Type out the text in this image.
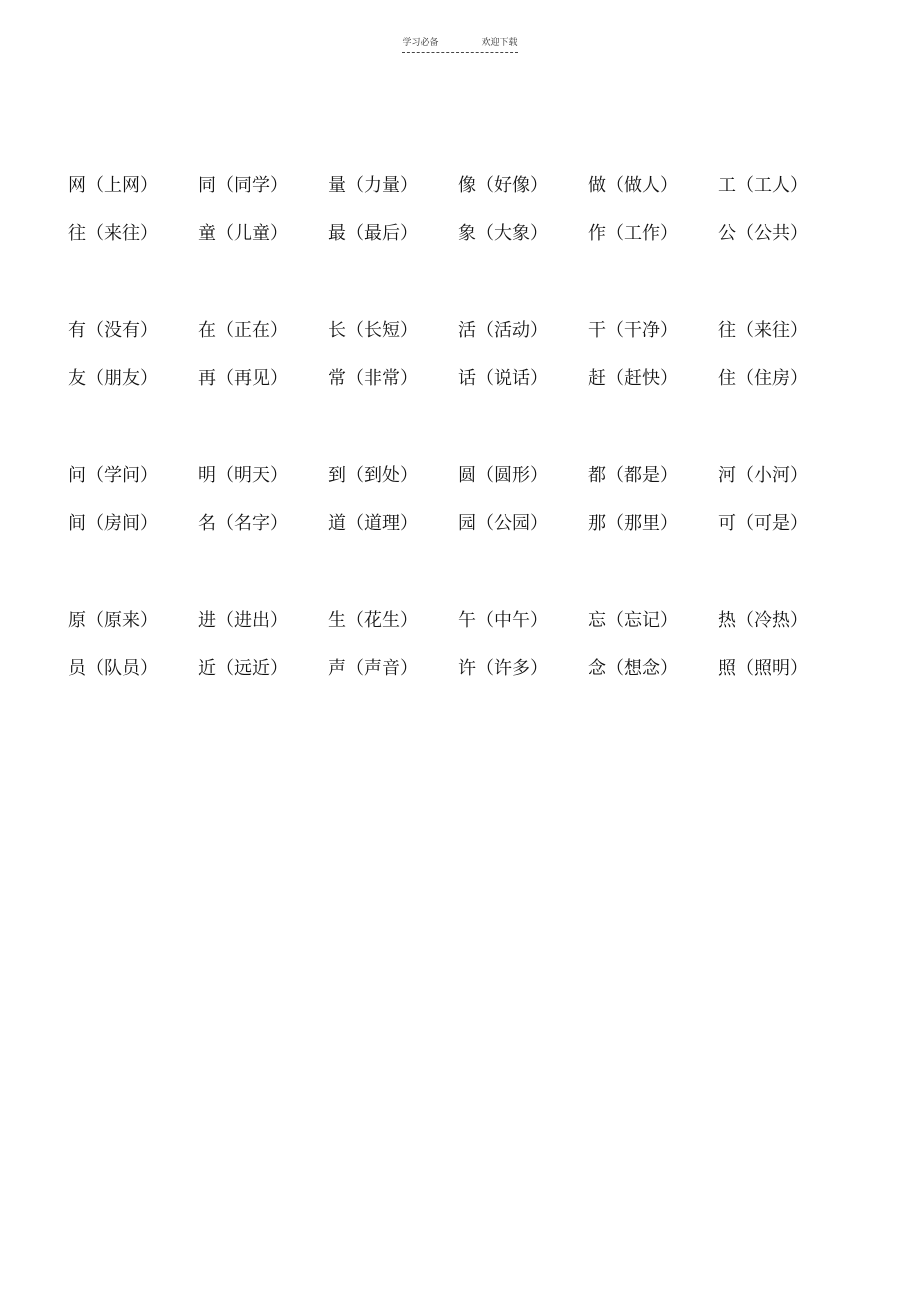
学习必备	欢迎下载
网（上网）	同（同学）	量（力量）	像（好像）	做（做人）	工（工人）
往（来往）	童（儿童）	最（最后）	象（大象）	作（工作）	公（公共）
有（没有）	在（正在）	长（长短）	活（活动）	干（干净）	往（来往）
友（朋友）	再（再见）	常（非常）	话（说话）	赶（赶快）	住（住房）
问（学问）	明（明天）	到（到处）	圆（圆形）	都（都是）	河（小河）
间（房间）	名（名字）	道（道理）	园（公园）	那（那里）	可（可是）
原（原来）	进（进出）	生（花生）	午（中午）	忘（忘记）	热（冷热）
员（队员）	近（远近）	声（声音）	许（许多）	念（想念）	照（照明）
